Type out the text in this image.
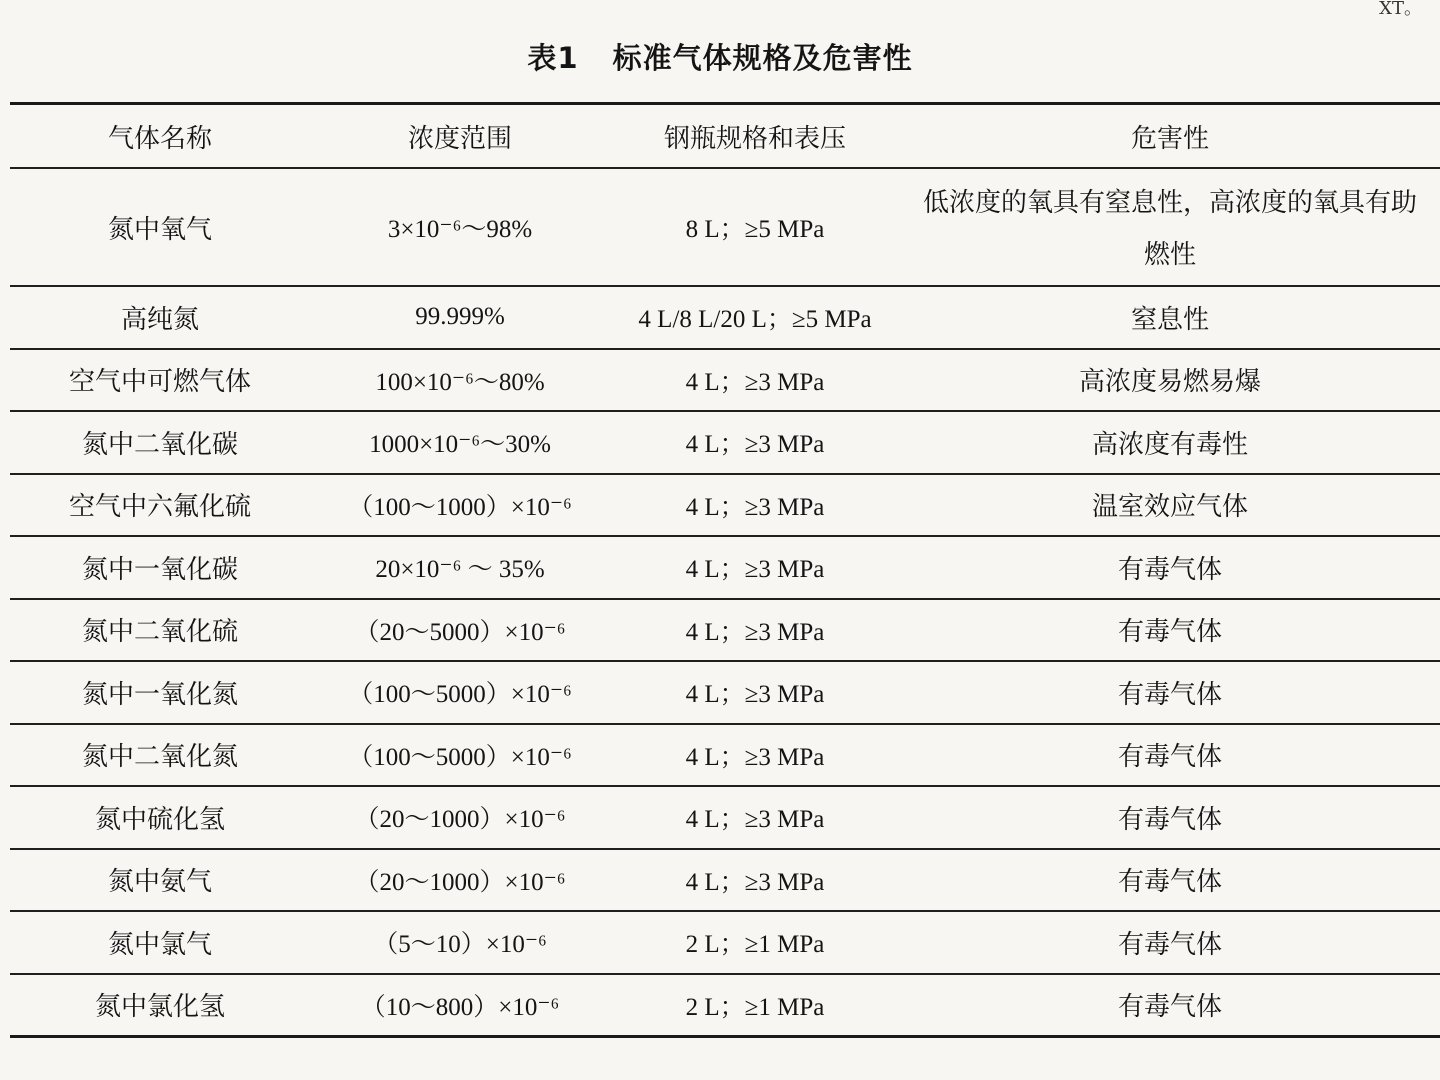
XT。
表1 标准气体规格及危害性
气体名称	浓度范围	钢瓶规格和表压	危害性
氮中氧气	3×10⁻⁶～98%	8 L；≥5 MPa	低浓度的氧具有窒息性，高浓度的氧具有助燃性
高纯氮	99.999%	4 L/8 L/20 L；≥5 MPa	窒息性
空气中可燃气体	100×10⁻⁶～80%	4 L；≥3 MPa	高浓度易燃易爆
氮中二氧化碳	1000×10⁻⁶～30%	4 L；≥3 MPa	高浓度有毒性
空气中六氟化硫	（100～1000）×10⁻⁶	4 L；≥3 MPa	温室效应气体
氮中一氧化碳	20×10⁻⁶ ～ 35%	4 L；≥3 MPa	有毒气体
氮中二氧化硫	（20～5000）×10⁻⁶	4 L；≥3 MPa	有毒气体
氮中一氧化氮	（100～5000）×10⁻⁶	4 L；≥3 MPa	有毒气体
氮中二氧化氮	（100～5000）×10⁻⁶	4 L；≥3 MPa	有毒气体
氮中硫化氢	（20～1000）×10⁻⁶	4 L；≥3 MPa	有毒气体
氮中氨气	（20～1000）×10⁻⁶	4 L；≥3 MPa	有毒气体
氮中氯气	（5～10）×10⁻⁶	2 L；≥1 MPa	有毒气体
氮中氯化氢	（10～800）×10⁻⁶	2 L；≥1 MPa	有毒气体
